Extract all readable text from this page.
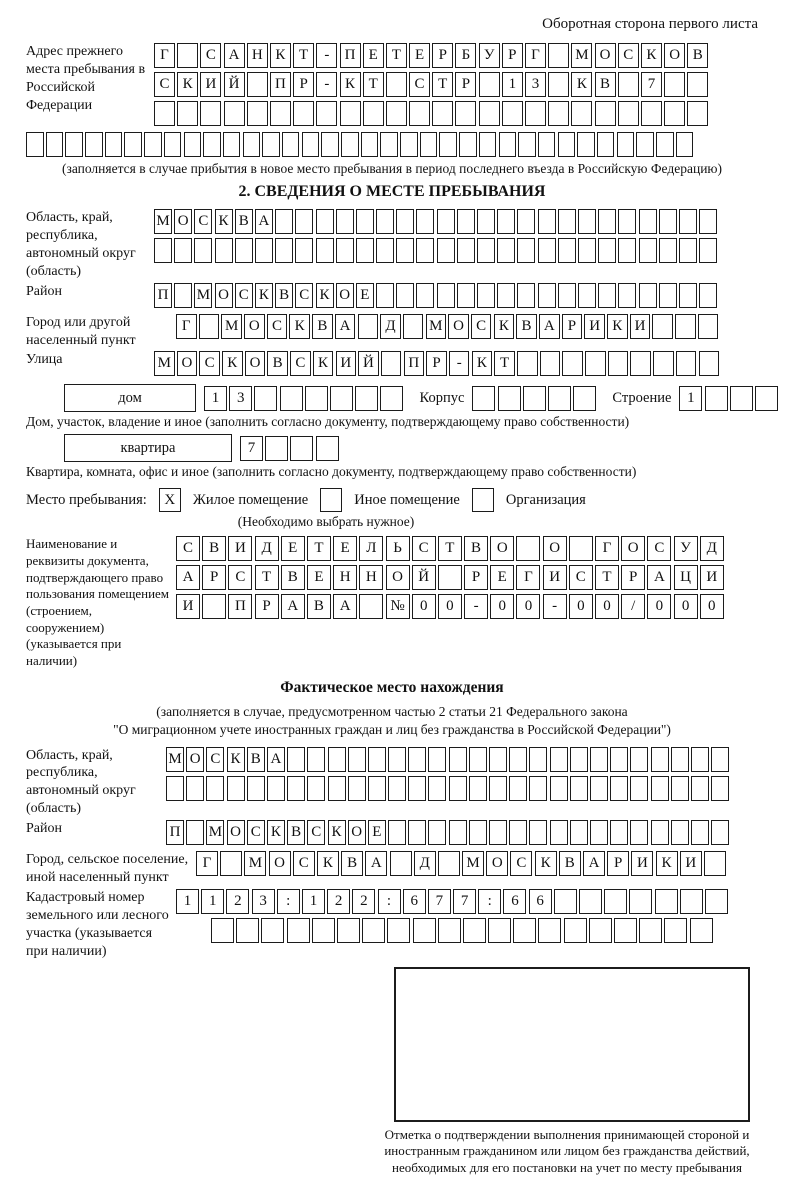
Оборотная сторона первого листа
Адрес прежнего места пребывания в Российской Федерации
Г	С А Н К Т	-	П Е Т Е Р Б У Р Г	М О С К О В
С К И Й	П Р	-	К Т	С Т Р	1	3	К В	7
(заполняется в случае прибытия в новое место пребывания в период последнего въезда в Российскую Федерацию)
2. СВЕДЕНИЯ О МЕСТЕ ПРЕБЫВАНИЯ
Область, край, республика, автономный округ (область)
М О С К В А
Район	П М О С К В С К О Е
Город или другой населенный пункт
Г	М О С К В А	Д	М О С К В А Р И К И
Улица	М О С К О В С К И Й	П Р	-	К Т
дом	1	3	Корпус	Строение	1
Дом, участок, владение и иное (заполнить согласно документу, подтверждающему право собственности)
квартира	7
Квартира, комната, офис и иное (заполнить согласно документу, подтверждающему право собственности)
Место пребывания:	X	Жилое помещение	Иное помещение	Организация
(Необходимо выбрать нужное)
Наименование и реквизиты документа, подтверждающего право пользования помещением (строением, сооружением) (указывается при наличии)
С	В	И	Д	Е	Т	Е	Л	Ь	С	Т	В	О	О	Г	О	С	У	Д
А	Р	С	Т	В	Е	Н	Н	О	Й	Р	Е	Г	И	С	Т	Р	А	Ц	И
И	П	Р	А	В	А	№	0	0	-	0	0	-	0	0	/	0	0	0
Фактическое место нахождения
(заполняется в случае, предусмотренном частью 2 статьи 21 Федерального закона
"О миграционном учете иностранных граждан и лиц без гражданства в Российской Федерации")
Область, край, республика, автономный округ (область)
М О С К В А
Район	П М О С К В С К О Е
Город, сельское поселение, иной населенный пункт
Г	М О С К В А	Д	М О С К В А Р И К И
Кадастровый номер земельного или лесного участка (указывается при наличии)
1	1	2	3	:	1	2	2	:	6	7	7	:	6	6
Отметка о подтверждении выполнения принимающей стороной и иностранным гражданином или лицом без гражданства действий, необходимых для его постановки на учет по месту пребывания
